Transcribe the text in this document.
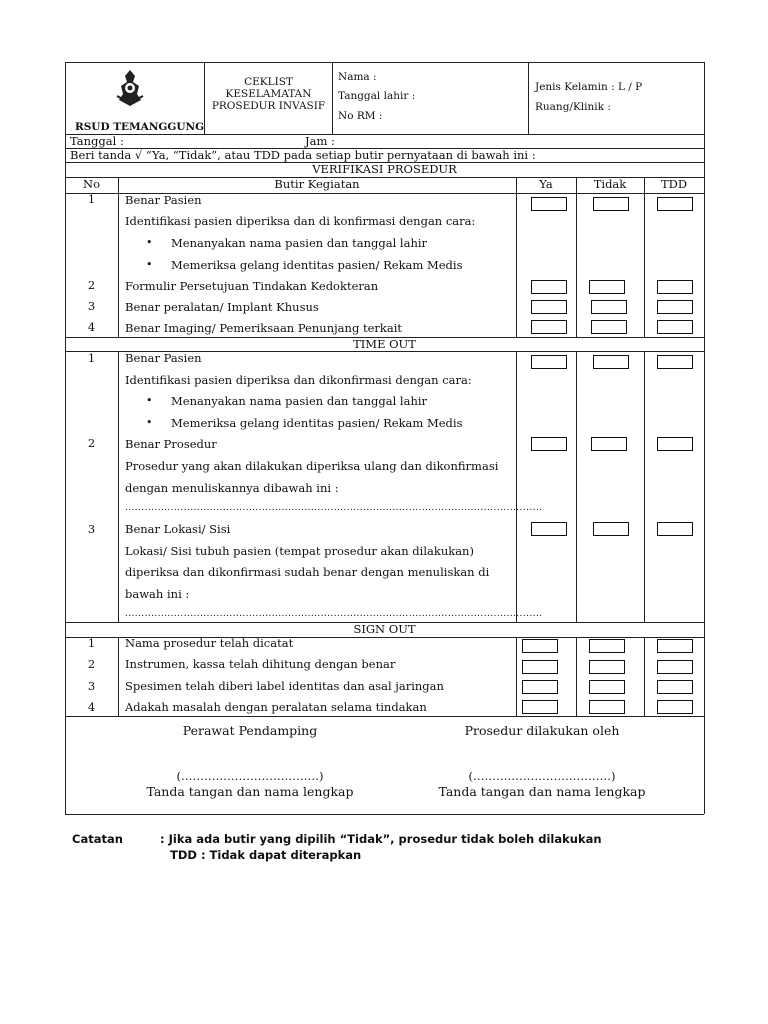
RSUD TEMANGGUNG
CEKLIST
KESELAMATAN
PROSEDUR INVASIF
Nama :
Tanggal lahir :
No RM :
Jenis Kelamin : L / P
Ruang/Klinik :
Tanggal :	Jam :
Beri tanda √ “Ya, “Tidak”, atau TDD pada setiap butir pernyataan di bawah ini :
VERIFIKASI PROSEDUR
No	Butir Kegiatan	Ya	Tidak	TDD
1	Benar Pasien
Identifikasi pasien diperiksa dan di konfirmasi dengan cara:
• Menanyakan nama pasien dan tanggal lahir
• Memeriksa gelang identitas pasien/ Rekam Medis
2	Formulir Persetujuan Tindakan Kedokteran
3	Benar peralatan/ Implant Khusus
4	Benar Imaging/ Pemeriksaan Penunjang terkait
TIME OUT
1	Benar Pasien
Identifikasi pasien diperiksa dan dikonfirmasi dengan cara:
• Menanyakan nama pasien dan tanggal lahir
• Memeriksa gelang identitas pasien/ Rekam Medis
2	Benar Prosedur
Prosedur yang akan dilakukan diperiksa ulang dan dikonfirmasi
dengan menuliskannya dibawah ini :
................................................................................................................................
3	Benar Lokasi/ Sisi
Lokasi/ Sisi tubuh pasien (tempat prosedur akan dilakukan)
diperiksa dan dikonfirmasi sudah benar dengan menuliskan di
bawah ini :
................................................................................................................................
SIGN OUT
1	Nama prosedur telah dicatat
2	Instrumen, kassa telah dihitung dengan benar
3	Spesimen telah diberi label identitas dan asal jaringan
4	Adakah masalah dengan peralatan selama tindakan
Perawat Pendamping	Prosedur dilakukan oleh
(………………………………)	(………………………………)
Tanda tangan dan nama lengkap	Tanda tangan dan nama lengkap
Catatan	: Jika ada butir yang dipilih “Tidak”, prosedur tidak boleh dilakukan
TDD : Tidak dapat diterapkan
